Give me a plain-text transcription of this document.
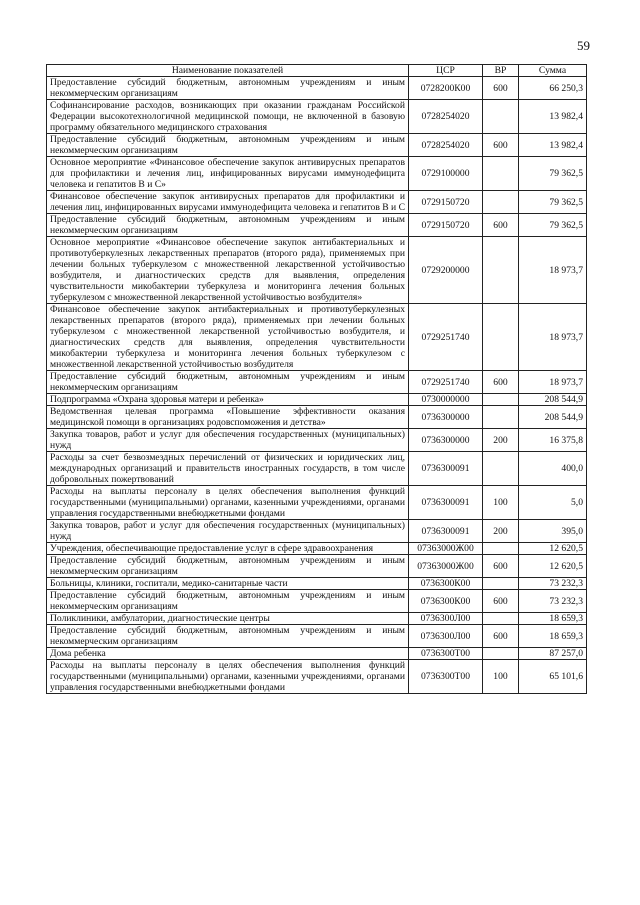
59
Наименование показателей	ЦСР	ВР	Сумма
Предоставление субсидий бюджетным, автономным учреждениям и иным некоммерческим организациям	0728200К00	600	66 250,3
Софинансирование расходов, возникающих при оказании гражданам Российской Федерации высокотехнологичной медицинской помощи, не включенной в базовую программу обязательного медицинского страхования	0728254020		13 982,4
Предоставление субсидий бюджетным, автономным учреждениям и иным некоммерческим организациям	0728254020	600	13 982,4
Основное мероприятие «Финансовое обеспечение закупок антивирусных препаратов для профилактики и лечения лиц, инфицированных вирусами иммунодефицита человека и гепатитов В и С»	0729100000		79 362,5
Финансовое обеспечение закупок антивирусных препаратов для профилактики и лечения лиц, инфицированных вирусами иммунодефицита человека и гепатитов В и С	0729150720		79 362,5
Предоставление субсидий бюджетным, автономным учреждениям и иным некоммерческим организациям	0729150720	600	79 362,5
Основное мероприятие «Финансовое обеспечение закупок антибактериальных и противотуберкулезных лекарственных препаратов (второго ряда), применяемых при лечении больных туберкулезом с множественной лекарственной устойчивостью возбудителя, и диагностических средств для выявления, определения чувствительности микобактерии туберкулеза и мониторинга лечения больных туберкулезом с множественной лекарственной устойчивостью возбудителя»	0729200000		18 973,7
Финансовое обеспечение закупок антибактериальных и противотуберкулезных лекарственных препаратов (второго ряда), применяемых при лечении больных туберкулезом с множественной лекарственной устойчивостью возбудителя, и диагностических средств для выявления, определения чувствительности микобактерии туберкулеза и мониторинга лечения больных туберкулезом с множественной лекарственной устойчивостью возбудителя	0729251740		18 973,7
Предоставление субсидий бюджетным, автономным учреждениям и иным некоммерческим организациям	0729251740	600	18 973,7
Подпрограмма «Охрана здоровья матери и ребенка»	0730000000		208 544,9
Ведомственная целевая программа «Повышение эффективности оказания медицинской помощи в организациях родовспоможения и детства»	0736300000		208 544,9
Закупка товаров, работ и услуг для обеспечения государственных (муниципальных) нужд	0736300000	200	16 375,8
Расходы за счет безвозмездных перечислений от физических и юридических лиц, международных организаций и правительств иностранных государств, в том числе добровольных пожертвований	0736300091		400,0
Расходы на выплаты персоналу в целях обеспечения выполнения функций государственными (муниципальными) органами, казенными учреждениями, органами управления государственными внебюджетными фондами	0736300091	100	5,0
Закупка товаров, работ и услуг для обеспечения государственных (муниципальных) нужд	0736300091	200	395,0
Учреждения, обеспечивающие предоставление услуг в сфере здравоохранения	07363000Ж00		12 620,5
Предоставление субсидий бюджетным, автономным учреждениям и иным некоммерческим организациям	07363000Ж00	600	12 620,5
Больницы, клиники, госпитали, медико-санитарные части	0736300К00		73 232,3
Предоставление субсидий бюджетным, автономным учреждениям и иным некоммерческим организациям	0736300К00	600	73 232,3
Поликлиники, амбулатории, диагностические центры	0736300Л00		18 659,3
Предоставление субсидий бюджетным, автономным учреждениям и иным некоммерческим организациям	0736300Л00	600	18 659,3
Дома ребенка	0736300Т00		87 257,0
Расходы на выплаты персоналу в целях обеспечения выполнения функций государственными (муниципальными) органами, казенными учреждениями, органами управления государственными внебюджетными фондами	0736300Т00	100	65 101,6
